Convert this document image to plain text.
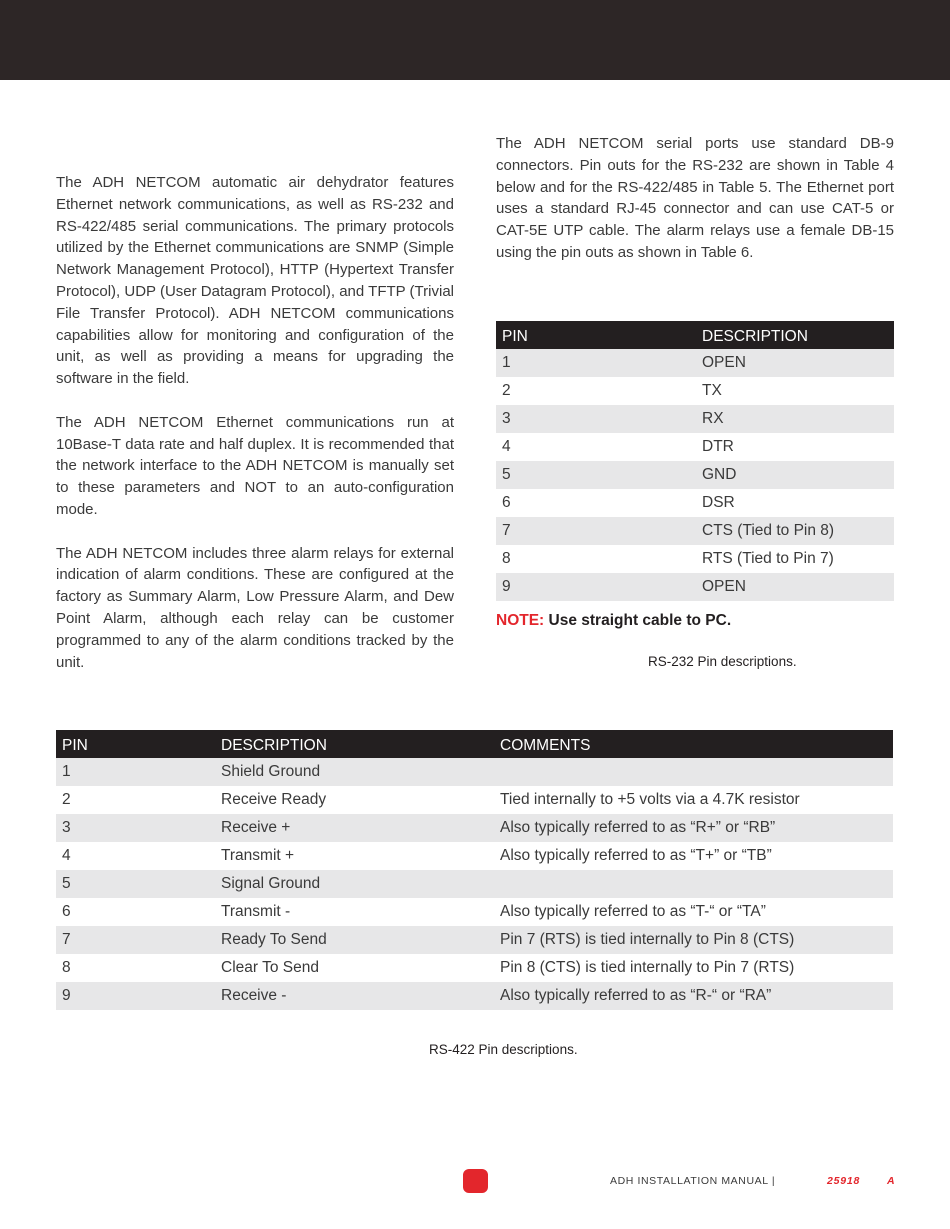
The ADH NETCOM automatic air dehydrator features Ethernet network communications, as well as RS-232 and RS-422/485 serial communications. The primary protocols utilized by the Ethernet communications are SNMP (Simple Network Management Protocol), HTTP (Hypertext Transfer Protocol), UDP (User Datagram Protocol), and TFTP (Trivial File Transfer Protocol). ADH NETCOM communications capabilities allow for monitoring and configuration of the unit, as well as providing a means for upgrading the software in the field.

The ADH NETCOM Ethernet communications run at 10Base-T data rate and half duplex. It is recommended that the network interface to the ADH NETCOM is manually set to these parameters and NOT to an auto-configuration mode.

The ADH NETCOM includes three alarm relays for external indication of alarm conditions. These are configured at the factory as Summary Alarm, Low Pressure Alarm, and Dew Point Alarm, although each relay can be customer programmed to any of the alarm conditions tracked by the unit.

The ADH NETCOM serial ports use standard DB-9 connectors. Pin outs for the RS-232 are shown in Table 4 below and for the RS-422/485 in Table 5. The Ethernet port uses a standard RJ-45 connector and can use CAT-5 or CAT-5E UTP cable. The alarm relays use a female DB-15 using the pin outs as shown in Table 6.

PIN	DESCRIPTION
1	OPEN
2	TX
3	RX
4	DTR
5	GND
6	DSR
7	CTS (Tied to Pin 8)
8	RTS (Tied to Pin 7)
9	OPEN
NOTE: Use straight cable to PC.
RS-232 Pin descriptions.
PIN	DESCRIPTION	COMMENTS
1	Shield Ground	
2	Receive Ready	Tied internally to +5 volts via a 4.7K resistor
3	Receive +	Also typically referred to as “R+” or “RB”
4	Transmit +	Also typically referred to as “T+” or “TB”
5	Signal Ground	
6	Transmit -	Also typically referred to as “T-“ or “TA”
7	Ready To Send	Pin 7 (RTS) is tied internally to Pin 8 (CTS)
8	Clear To Send	Pin 8 (CTS) is tied internally to Pin 7 (RTS)
9	Receive -	Also typically referred to as “R-“ or “RA”
RS-422 Pin descriptions.
ADH INSTALLATION MANUAL |	25918	A
